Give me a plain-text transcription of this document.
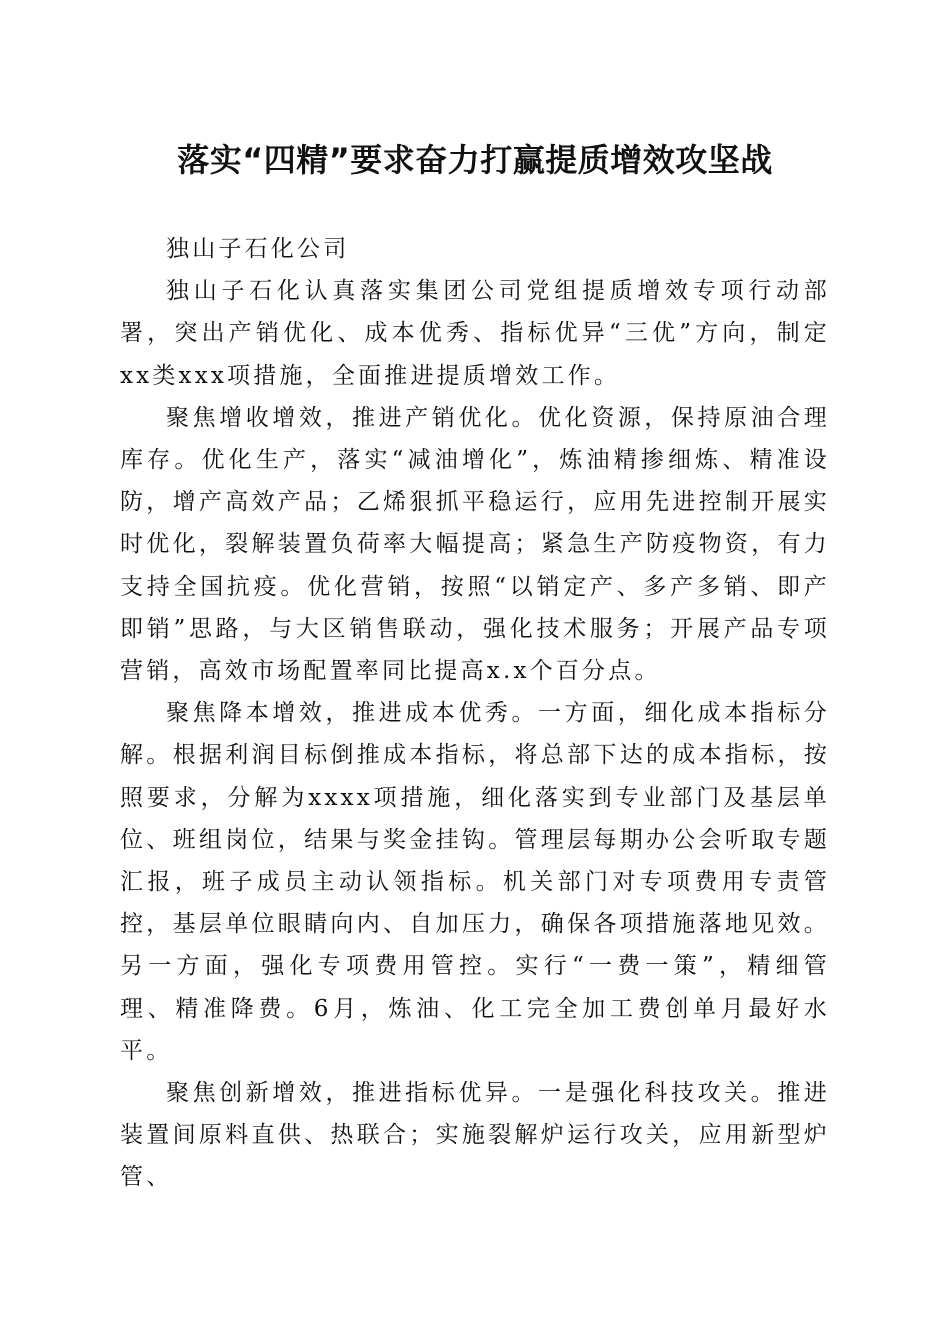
落实“四精”要求奋力打赢提质增效攻坚战

独山子石化公司

独山子石化认真落实集团公司党组提质增效专项行动部署，突出产销优化、成本优秀、指标优异“三优”方向，制定xx类xxx项措施，全面推进提质增效工作。

聚焦增收增效，推进产销优化。优化资源，保持原油合理库存。优化生产，落实“减油增化”，炼油精掺细炼、精准设防，增产高效产品；乙烯狠抓平稳运行，应用先进控制开展实时优化，裂解装置负荷率大幅提高；紧急生产防疫物资，有力支持全国抗疫。优化营销，按照“以销定产、多产多销、即产即销”思路，与大区销售联动，强化技术服务；开展产品专项营销，高效市场配置率同比提高x.x个百分点。

聚焦降本增效，推进成本优秀。一方面，细化成本指标分解。根据利润目标倒推成本指标，将总部下达的成本指标，按照要求，分解为xxxx项措施，细化落实到专业部门及基层单位、班组岗位，结果与奖金挂钩。管理层每期办公会听取专题汇报，班子成员主动认领指标。机关部门对专项费用专责管控，基层单位眼睛向内、自加压力，确保各项措施落地见效。另一方面，强化专项费用管控。实行“一费一策”，精细管理、精准降费。6月，炼油、化工完全加工费创单月最好水平。

聚焦创新增效，推进指标优异。一是强化科技攻关。推进装置间原料直供、热联合；实施裂解炉运行攻关，应用新型炉管、
